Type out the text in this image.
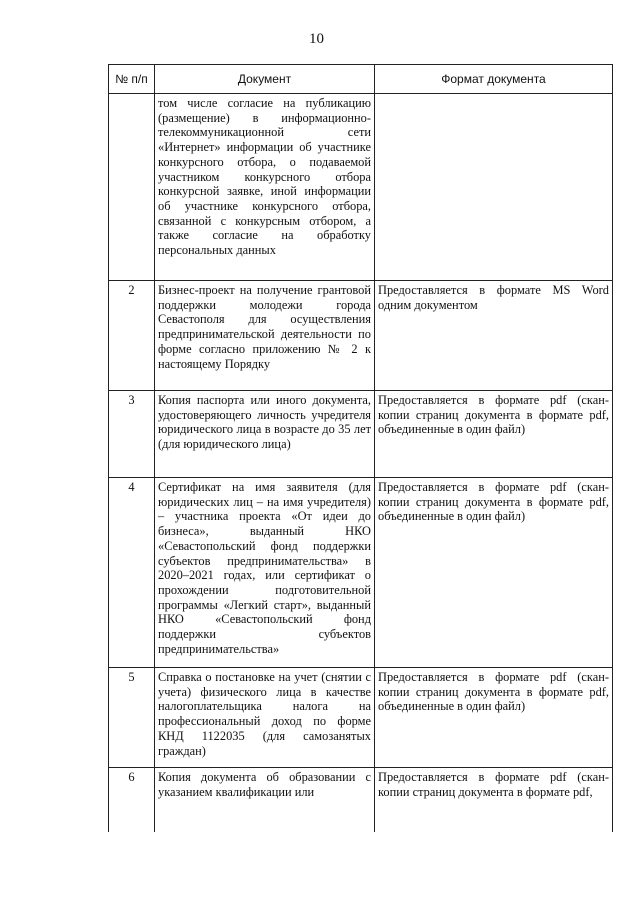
10
№ п/п	Документ	Формат документа

	том числе согласие на публикацию (размещение) в информационно-телекоммуникационной сети «Интернет» информации об участнике конкурсного отбора, о подаваемой участником конкурсного отбора конкурсной заявке, иной информации об участнике конкурсного отбора, связанной с конкурсным отбором, а также согласие на обработку персональных данных	

2	Бизнес-проект на получение грантовой поддержки молодежи города Севастополя для осуществления предпринимательской деятельности по форме согласно приложению № 2 к настоящему Порядку	Предоставляется в формате MS Word одним документом

3	Копия паспорта или иного документа, удостоверяющего личность учредителя юридического лица в возрасте до 35 лет (для юридического лица)	Предоставляется в формате pdf (скан-копии страниц документа в формате pdf, объединенные в один файл)

4	Сертификат на имя заявителя (для юридических лиц – на имя учредителя) – участника проекта «От идеи до бизнеса», выданный НКО «Севастопольский фонд поддержки субъектов предпринимательства» в 2020–2021 годах, или сертификат о прохождении подготовительной программы «Легкий старт», выданный НКО «Севастопольский фонд поддержки субъектов предпринимательства»	Предоставляется в формате pdf (скан-копии страниц документа в формате pdf, объединенные в один файл)

5	Справка о постановке на учет (снятии с учета) физического лица в качестве налогоплательщика налога на профессиональный доход по форме КНД 1122035 (для самозанятых граждан)	Предоставляется в формате pdf (скан-копии страниц документа в формате pdf, объединенные в один файл)

6	Копия документа об образовании с указанием квалификации или	Предоставляется в формате pdf (скан-копии страниц документа в формате pdf,
